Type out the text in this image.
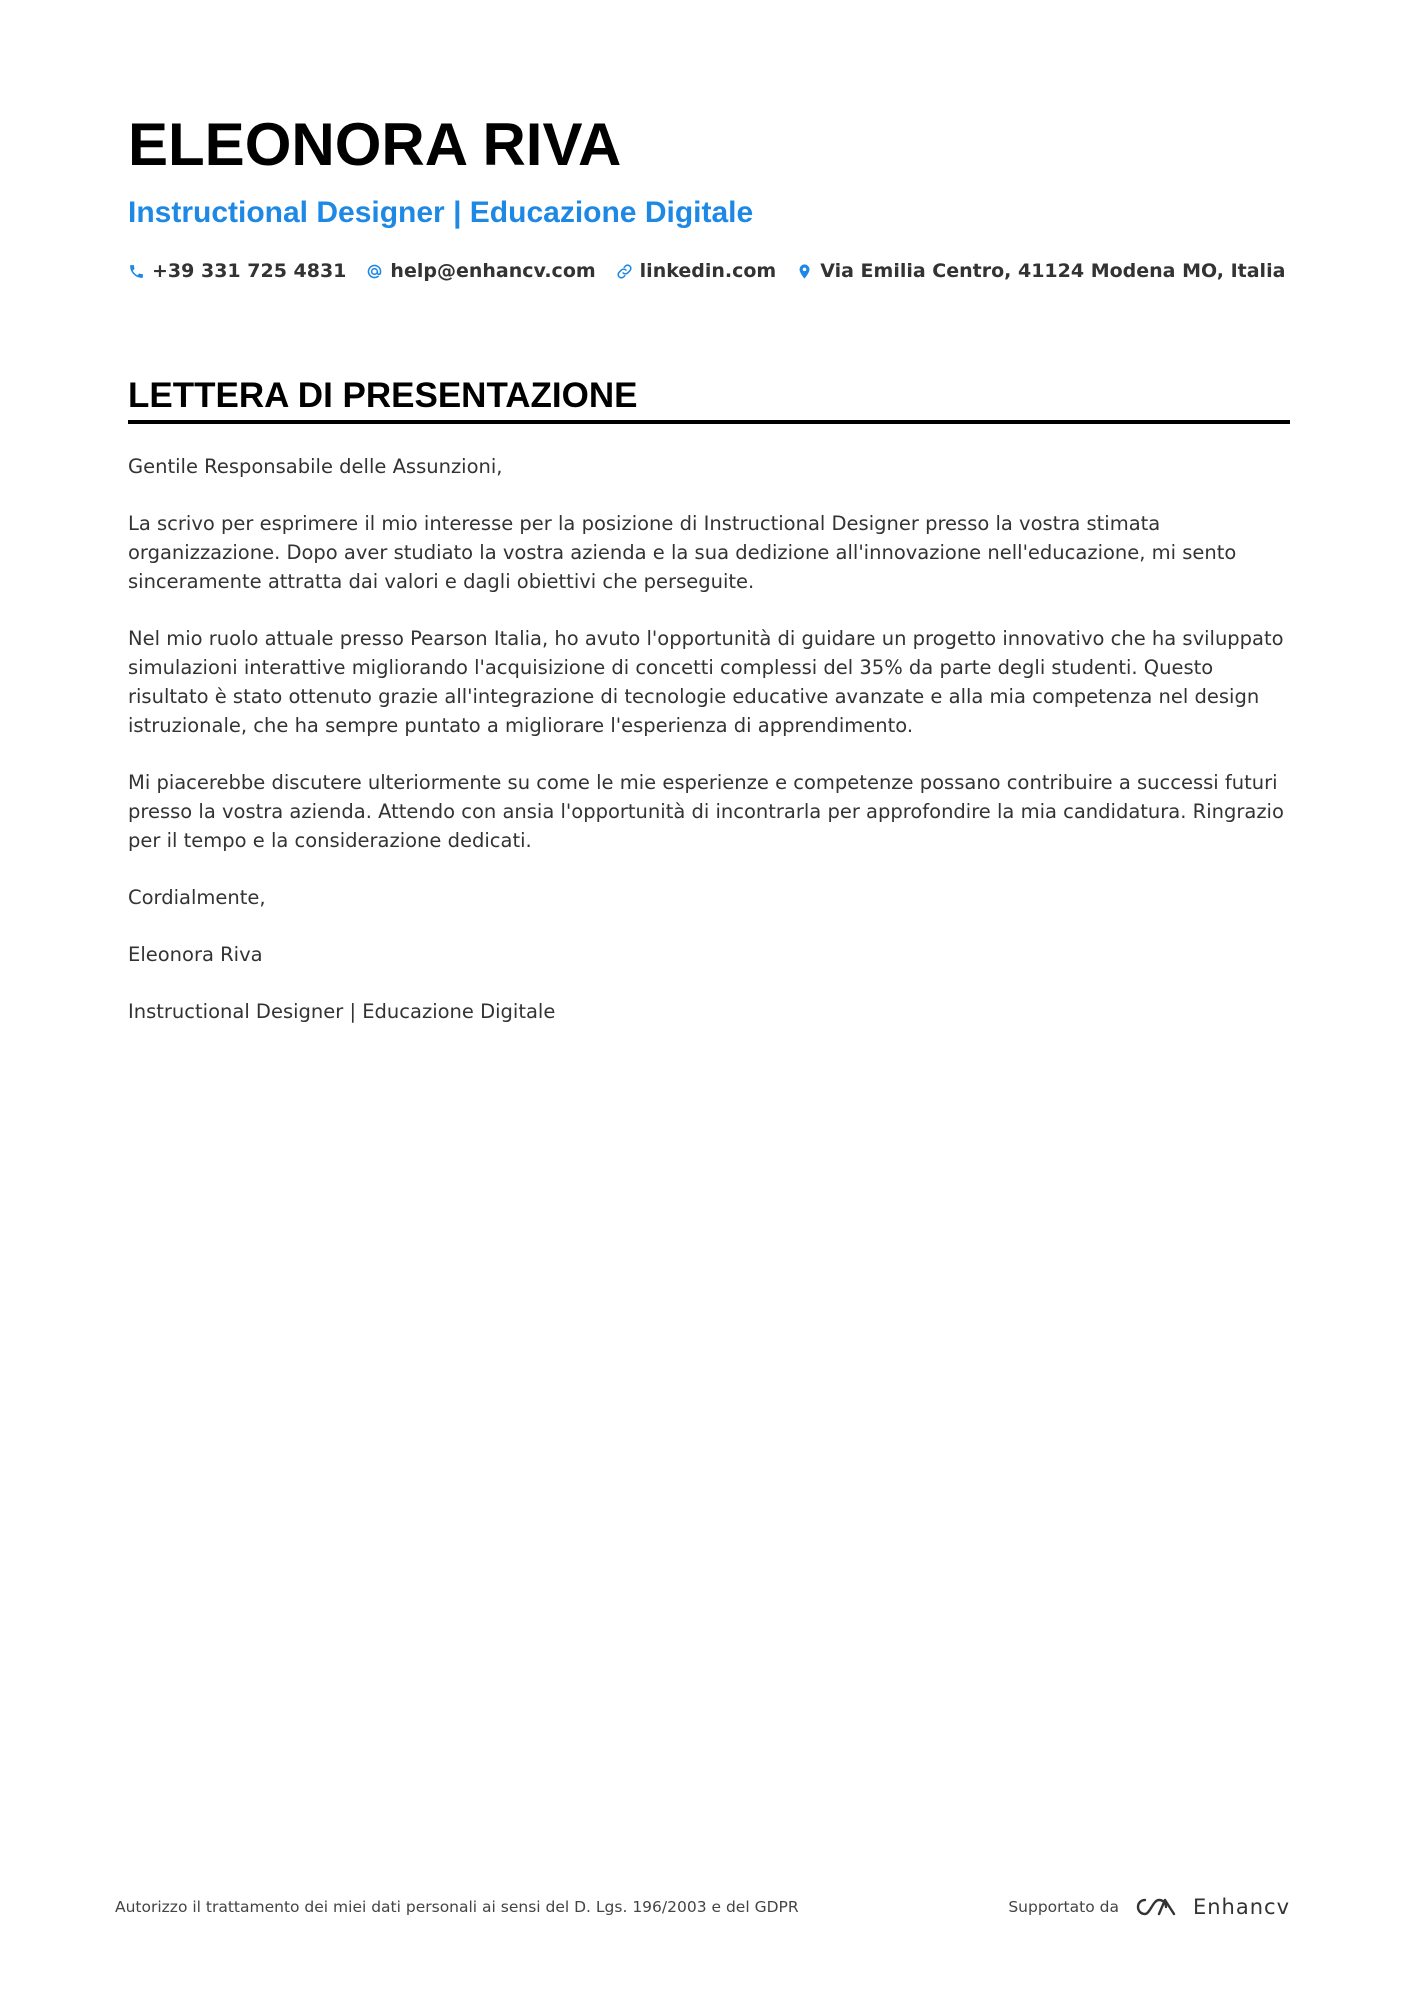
ELEONORA RIVA
Instructional Designer | Educazione Digitale
+39 331 725 4831 help@enhancv.com linkedin.com Via Emilia Centro, 41124 Modena MO, Italia
LETTERA DI PRESENTAZIONE

Gentile Responsabile delle Assunzioni,

La scrivo per esprimere il mio interesse per la posizione di Instructional Designer presso la vostra stimata organizzazione. Dopo aver studiato la vostra azienda e la sua dedizione all'innovazione nell'educazione, mi sento sinceramente attratta dai valori e dagli obiettivi che perseguite.

Nel mio ruolo attuale presso Pearson Italia, ho avuto l'opportunità di guidare un progetto innovativo che ha sviluppato simulazioni interattive migliorando l'acquisizione di concetti complessi del 35% da parte degli studenti. Questo risultato è stato ottenuto grazie all'integrazione di tecnologie educative avanzate e alla mia competenza nel design istruzionale, che ha sempre puntato a migliorare l'esperienza di apprendimento.

Mi piacerebbe discutere ulteriormente su come le mie esperienze e competenze possano contribuire a successi futuri presso la vostra azienda. Attendo con ansia l'opportunità di incontrarla per approfondire la mia candidatura. Ringrazio per il tempo e la considerazione dedicati.

Cordialmente,

Eleonora Riva

Instructional Designer | Educazione Digitale

Autorizzo il trattamento dei miei dati personali ai sensi del D. Lgs. 196/2003 e del GDPR	Supportato da	Enhancv
